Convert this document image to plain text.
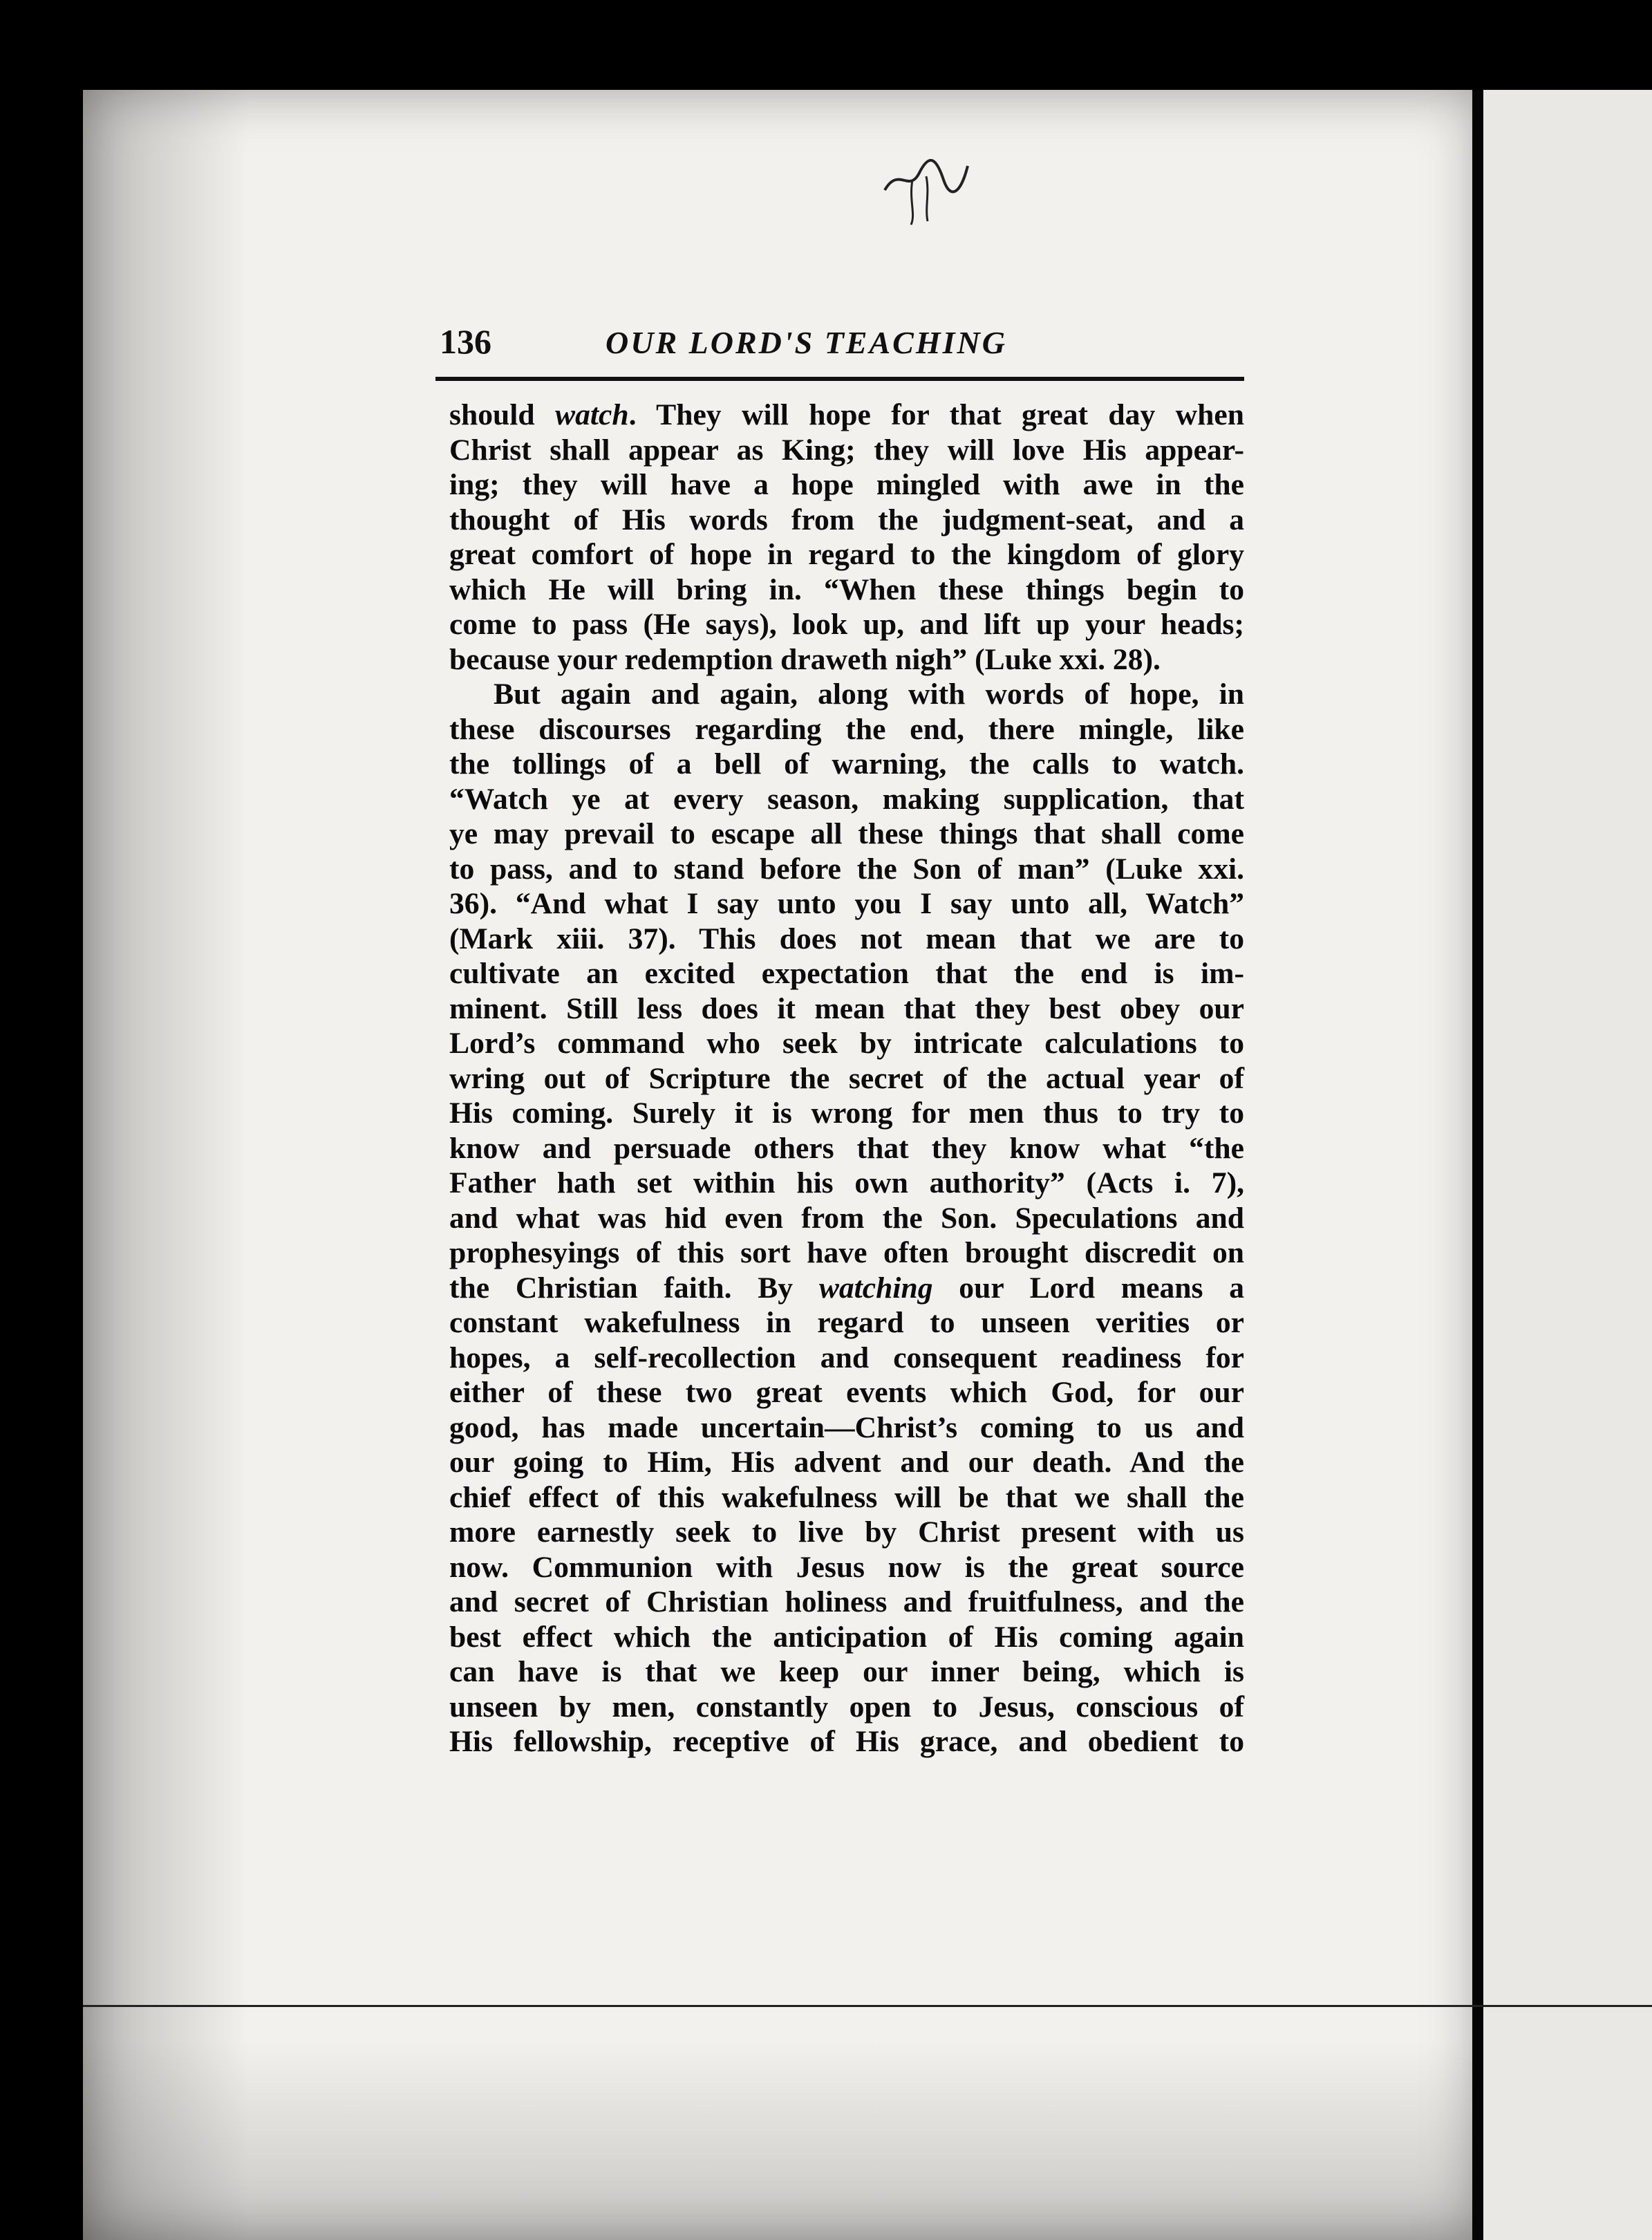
136	OUR LORD'S TEACHING
should watch. They will hope for that great day when
Christ shall appear as King; they will love His appear-
ing; they will have a hope mingled with awe in the
thought of His words from the judgment-seat, and a
great comfort of hope in regard to the kingdom of glory
which He will bring in. “When these things begin to
come to pass (He says), look up, and lift up your heads;
because your redemption draweth nigh” (Luke xxi. 28).
But again and again, along with words of hope, in
these discourses regarding the end, there mingle, like
the tollings of a bell of warning, the calls to watch.
“Watch ye at every season, making supplication, that
ye may prevail to escape all these things that shall come
to pass, and to stand before the Son of man” (Luke xxi.
36). “And what I say unto you I say unto all, Watch”
(Mark xiii. 37). This does not mean that we are to
cultivate an excited expectation that the end is im-
minent. Still less does it mean that they best obey our
Lord’s command who seek by intricate calculations to
wring out of Scripture the secret of the actual year of
His coming. Surely it is wrong for men thus to try to
know and persuade others that they know what “the
Father hath set within his own authority” (Acts i. 7),
and what was hid even from the Son. Speculations and
prophesyings of this sort have often brought discredit on
the Christian faith. By watching our Lord means a
constant wakefulness in regard to unseen verities or
hopes, a self-recollection and consequent readiness for
either of these two great events which God, for our
good, has made uncertain—Christ’s coming to us and
our going to Him, His advent and our death. And the
chief effect of this wakefulness will be that we shall the
more earnestly seek to live by Christ present with us
now. Communion with Jesus now is the great source
and secret of Christian holiness and fruitfulness, and the
best effect which the anticipation of His coming again
can have is that we keep our inner being, which is
unseen by men, constantly open to Jesus, conscious of
His fellowship, receptive of His grace, and obedient to
